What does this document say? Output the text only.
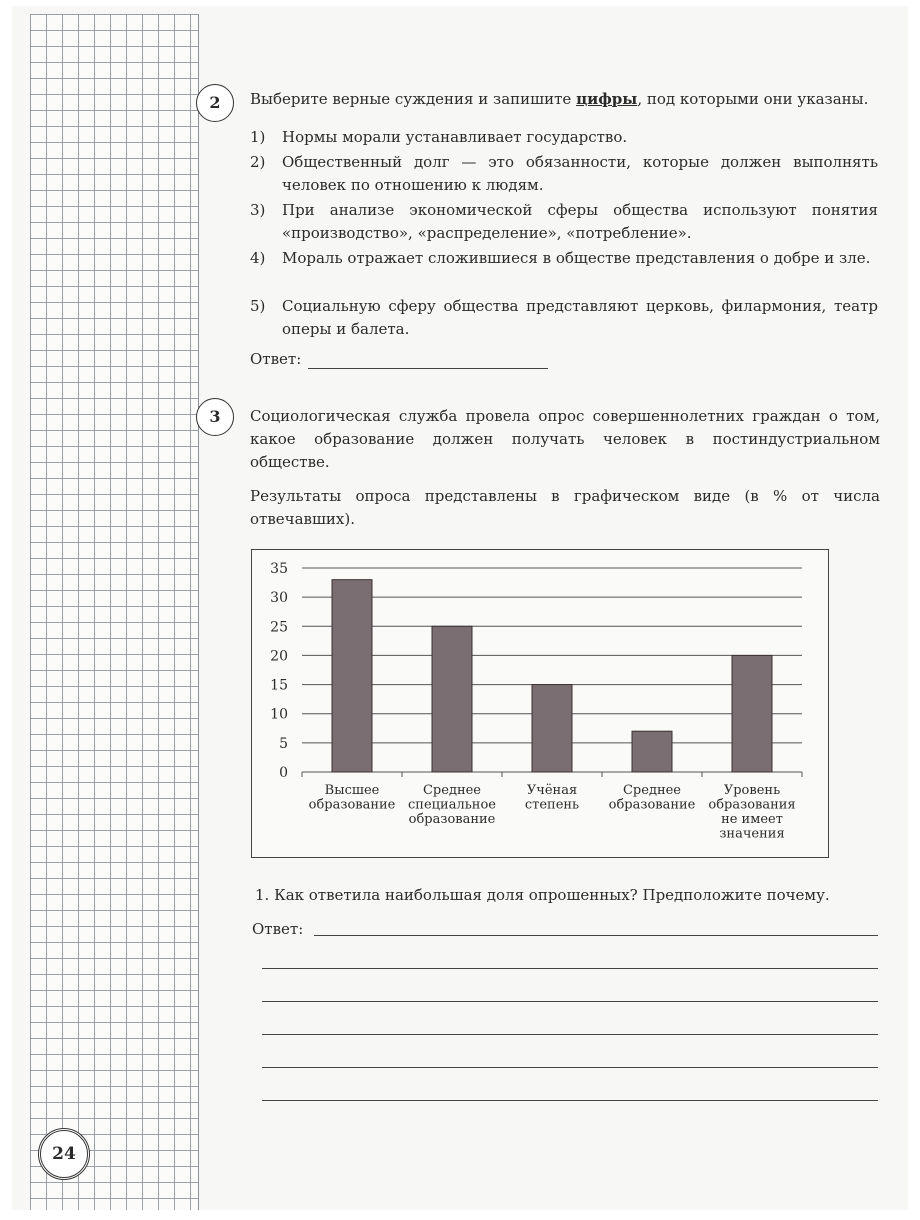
24
2	Выберите верные суждения и запишите цифры, под которыми они указаны.
1)	Нормы морали устанавливает государство.
2)	Общественный долг — это обязанности, которые должен выполнять человек по отношению к людям.
3)	При анализе экономической сферы общества используют понятия «производство», «распределение», «потребление».
4)	Мораль отражает сложившиеся в обществе представления о добре и зле.
5)	Социальную сферу общества представляют церковь, филармония, театр оперы и балета.
Ответ:
3	Социологическая служба провела опрос совершеннолетних граждан о том, какое образование должен получать человек в постиндустриальном обществе.
Результаты опроса представлены в графическом виде (в % от числа отвечавших).
35
30
25
20
15
10
5
0
Высшее
образование
Среднее
специальное
образование
Учёная
степень
Среднее
образование
Уровень
образования
не имеет
значения
1. Как ответила наибольшая доля опрошенных? Предположите почему.
Ответ:
